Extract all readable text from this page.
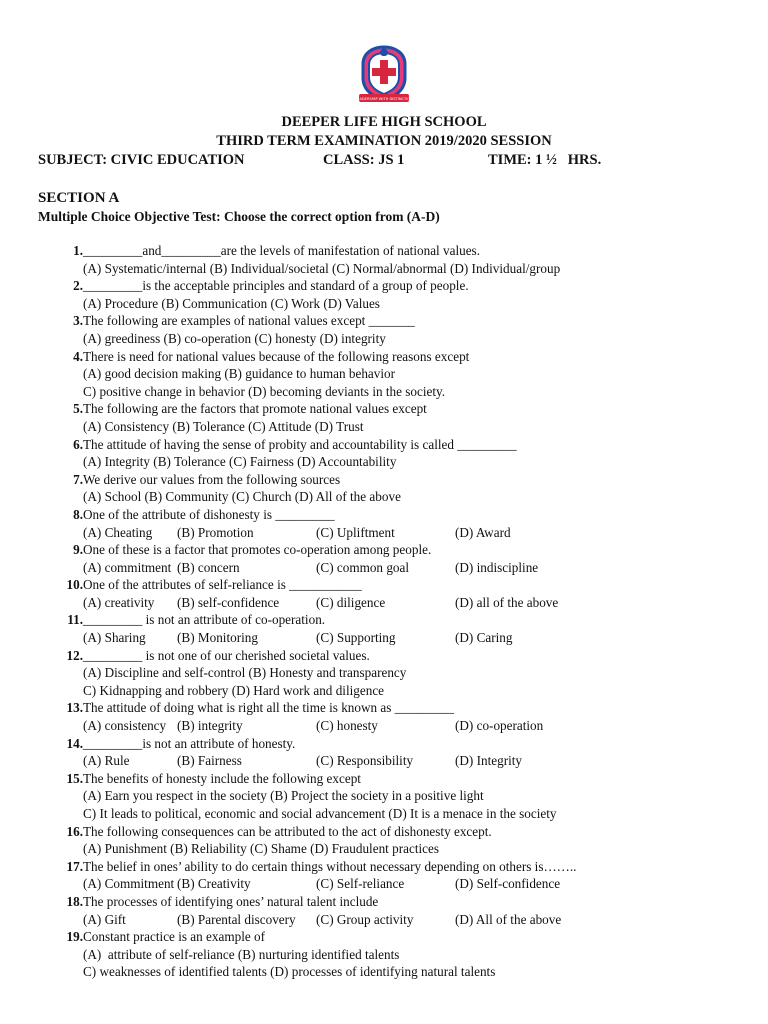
LEADERSHIP WITH DISTINCTION
DEEPER LIFE HIGH SCHOOL
THIRD TERM EXAMINATION 2019/2020 SESSION
SUBJECT: CIVIC EDUCATION	CLASS: JS 1	TIME: 1 ½   HRS.
SECTION A
Multiple Choice Objective Test: Choose the correct option from (A-D)
1. _________and_________are the levels of manifestation of national values.
(A) Systematic/internal (B) Individual/societal (C) Normal/abnormal (D) Individual/group
2. _________is the acceptable principles and standard of a group of people.
(A) Procedure (B) Communication (C) Work (D) Values
3. The following are examples of national values except _______
(A) greediness (B) co-operation (C) honesty (D) integrity
4. There is need for national values because of the following reasons except
(A) good decision making (B) guidance to human behavior
C) positive change in behavior (D) becoming deviants in the society.
5. The following are the factors that promote national values except
(A) Consistency (B) Tolerance (C) Attitude (D) Trust
6. The attitude of having the sense of probity and accountability is called _________
(A) Integrity (B) Tolerance (C) Fairness (D) Accountability
7. We derive our values from the following sources
(A) School (B) Community (C) Church (D) All of the above
8. One of the attribute of dishonesty is _________
(A) Cheating (B) Promotion	(C) Upliftment	(D) Award
9. One of these is a factor that promotes co-operation among people.
(A) commitment (B) concern	(C) common goal	(D) indiscipline
10. One of the attributes of self-reliance is ___________
(A) creativity (B) self-confidence	(C) diligence	(D) all of the above
11. _________ is not an attribute of co-operation.
(A) Sharing (B) Monitoring	(C) Supporting	(D) Caring
12. _________ is not one of our cherished societal values.
(A) Discipline and self-control (B) Honesty and transparency
C) Kidnapping and robbery (D) Hard work and diligence
13. The attitude of doing what is right all the time is known as _________
(A) consistency (B) integrity	(C) honesty	(D) co-operation
14. _________is not an attribute of honesty.
(A) Rule	(B) Fairness	(C) Responsibility	(D) Integrity
15. The benefits of honesty include the following except
(A) Earn you respect in the society (B) Project the society in a positive light
C) It leads to political, economic and social advancement (D) It is a menace in the society
16. The following consequences can be attributed to the act of dishonesty except.
(A) Punishment (B) Reliability (C) Shame (D) Fraudulent practices
17. The belief in ones’ ability to do certain things without necessary depending on others is……..
(A) Commitment (B) Creativity	(C) Self-reliance	(D) Self-confidence
18. The processes of identifying ones’ natural talent include
(A) Gift	(B) Parental discovery (C) Group activity	(D) All of the above
19. Constant practice is an example of
(A)  attribute of self-reliance (B) nurturing identified talents
C) weaknesses of identified talents (D) processes of identifying natural talents
